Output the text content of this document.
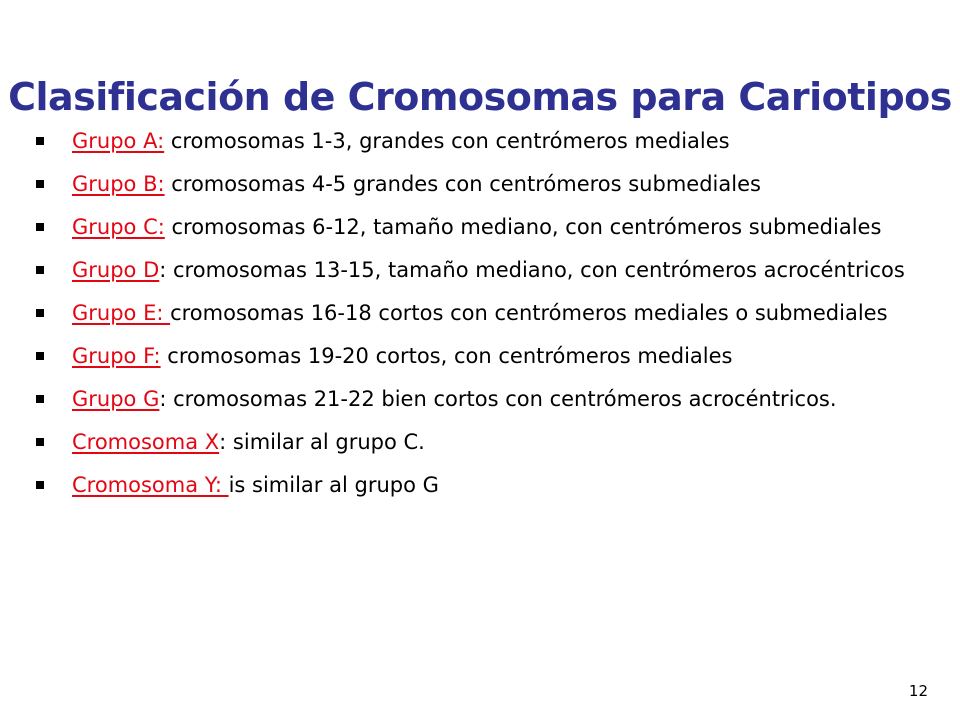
Clasificación de Cromosomas para Cariotipos
Grupo A: cromosomas 1-3, grandes con centrómeros mediales
Grupo B: cromosomas 4-5 grandes con centrómeros submediales
Grupo C: cromosomas 6-12, tamaño mediano, con centrómeros submediales
Grupo D: cromosomas 13-15, tamaño mediano, con centrómeros acrocéntricos
Grupo E: cromosomas 16-18 cortos con centrómeros mediales o submediales
Grupo F: cromosomas 19-20 cortos, con centrómeros mediales
Grupo G: cromosomas 21-22 bien cortos con centrómeros acrocéntricos.
Cromosoma X: similar al grupo C.
Cromosoma Y: is similar al grupo G
12
